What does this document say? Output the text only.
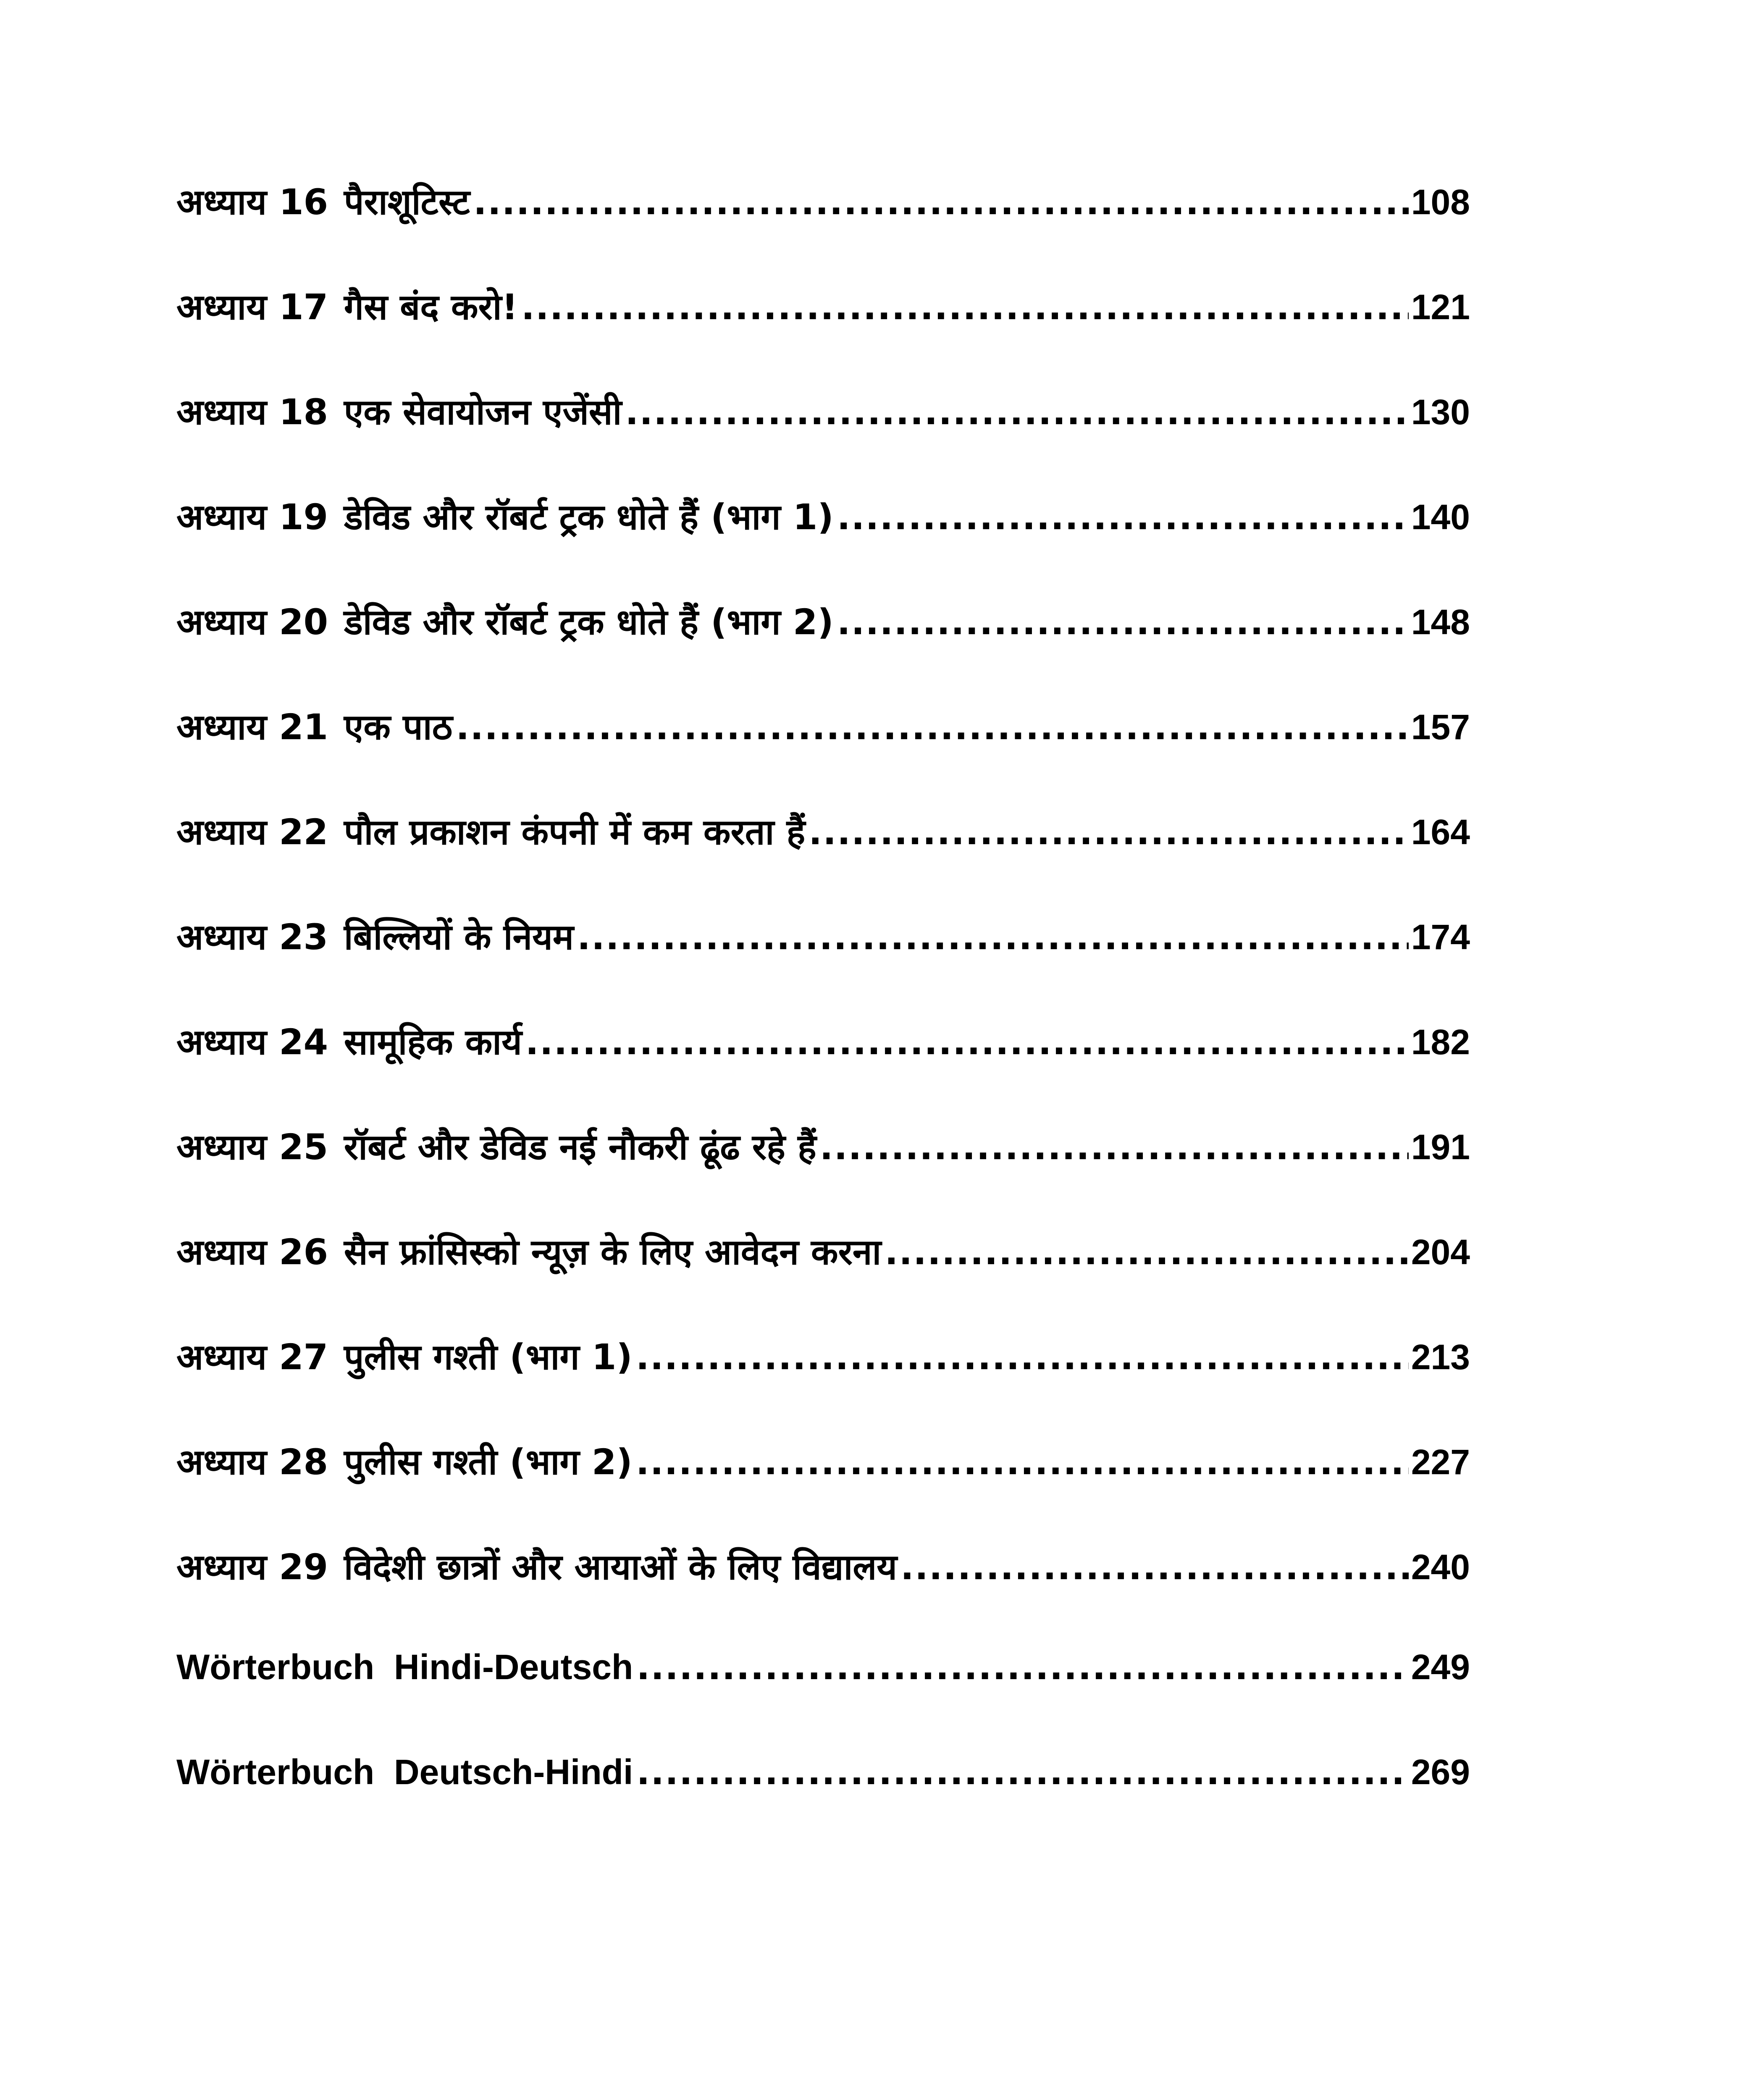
अध्याय 16 पैराशूटिस्ट .....	108
अध्याय 17 गैस बंद करो! .....	121
अध्याय 18 एक सेवायोजन एजेंसी .....	130
अध्याय 19 डेविड और रॉबर्ट ट्रक धोते हैं (भाग 1) .....	140
अध्याय 20 डेविड और रॉबर्ट ट्रक धोते हैं (भाग 2) .....	148
अध्याय 21 एक पाठ .....	157
अध्याय 22 पौल प्रकाशन कंपनी में कम करता हैं .....	164
अध्याय 23 बिल्लियों के नियम .....	174
अध्याय 24 सामूहिक कार्य .....	182
अध्याय 25 रॉबर्ट और डेविड नई नौकरी ढूंढ रहे हैं .....	191
अध्याय 26 सैन फ्रांसिस्को न्यूज़ के लिए आवेदन करना .....	204
अध्याय 27 पुलीस गश्ती (भाग 1) .....	213
अध्याय 28 पुलीस गश्ती (भाग 2) .....	227
अध्याय 29 विदेशी छात्रों और आयाओं के लिए विद्यालय .....	240
Wörterbuch  Hindi-Deutsch .....	249
Wörterbuch  Deutsch-Hindi .....	269
